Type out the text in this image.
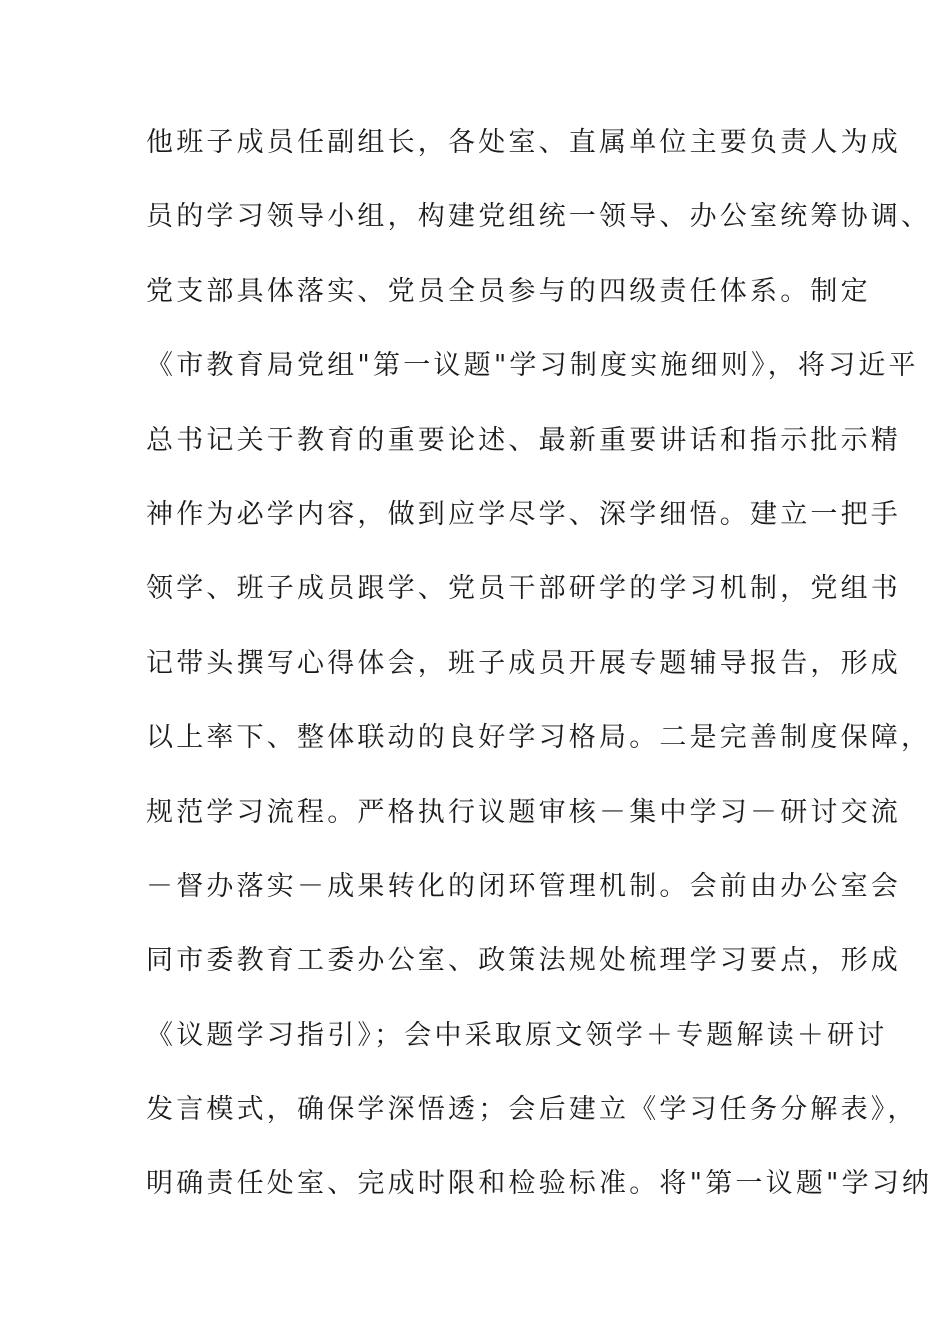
他班子成员任副组长，各处室、直属单位主要负责人为成
员的学习领导小组，构建党组统一领导、办公室统筹协调、
党支部具体落实、党员全员参与的四级责任体系。制定
《市教育局党组"第一议题"学习制度实施细则》，将习近平
总书记关于教育的重要论述、最新重要讲话和指示批示精
神作为必学内容，做到应学尽学、深学细悟。建立一把手
领学、班子成员跟学、党员干部研学的学习机制，党组书
记带头撰写心得体会，班子成员开展专题辅导报告，形成
以上率下、整体联动的良好学习格局。二是完善制度保障，
规范学习流程。严格执行议题审核－集中学习－研讨交流
－督办落实－成果转化的闭环管理机制。会前由办公室会
同市委教育工委办公室、政策法规处梳理学习要点，形成
《议题学习指引》；会中采取原文领学＋专题解读＋研讨
发言模式，确保学深悟透；会后建立《学习任务分解表》，
明确责任处室、完成时限和检验标准。将"第一议题"学习纳
